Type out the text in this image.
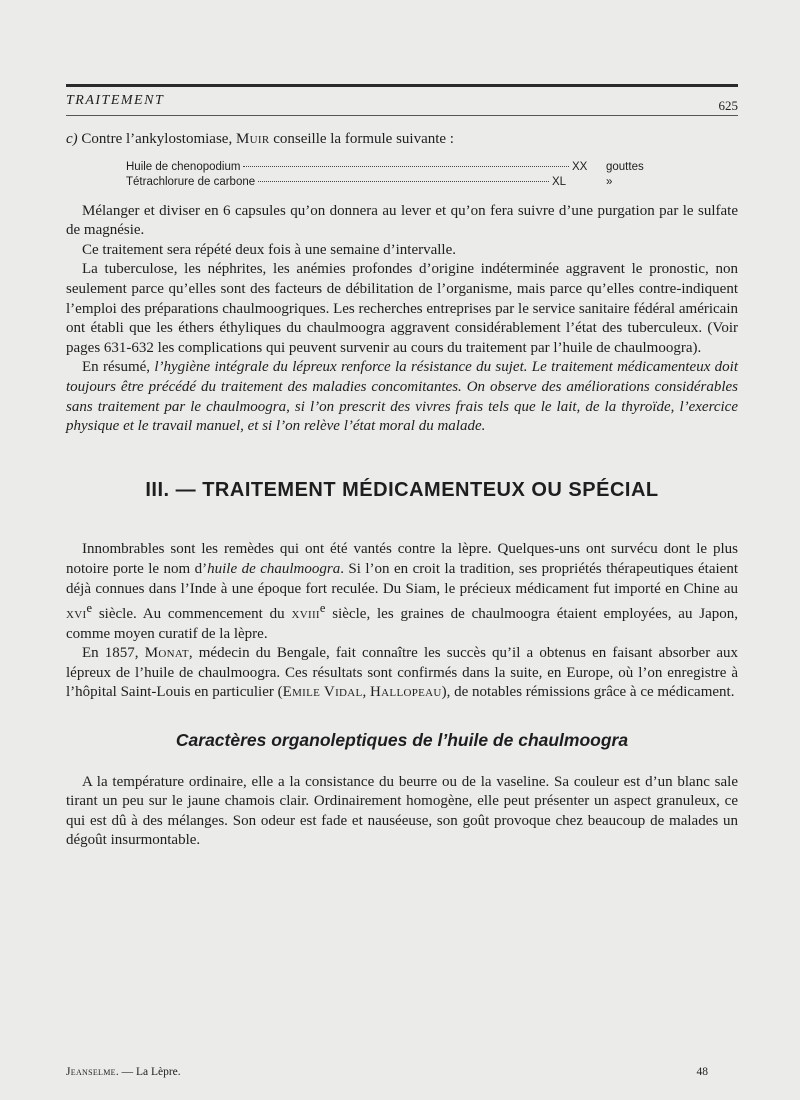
TRAITEMENT	625

c) Contre l’ankylostomiase, Muir conseille la formule suivante :

Huile de chenopodium	XX	gouttes
Tétrachlorure de carbone	XL	»

Mélanger et diviser en 6 capsules qu’on donnera au lever et qu’on fera suivre d’une purgation par le sulfate de magnésie.

Ce traitement sera répété deux fois à une semaine d’intervalle.

La tuberculose, les néphrites, les anémies profondes d’origine indéterminée aggravent le pronostic, non seulement parce qu’elles sont des facteurs de débilitation de l’organisme, mais parce qu’elles contre-indiquent l’emploi des préparations chaulmoogriques. Les recherches entreprises par le service sanitaire fédéral américain ont établi que les éthers éthyliques du chaulmoogra aggravent considérablement l’état des tuberculeux. (Voir pages 631-632 les complications qui peuvent survenir au cours du traitement par l’huile de chaulmoogra).

En résumé, l’hygiène intégrale du lépreux renforce la résistance du sujet. Le traitement médicamenteux doit toujours être précédé du traitement des maladies concomitantes. On observe des améliorations considérables sans traitement par le chaulmoogra, si l’on prescrit des vivres frais tels que le lait, de la thyroïde, l’exercice physique et le travail manuel, et si l’on relève l’état moral du malade.

III. — TRAITEMENT MÉDICAMENTEUX OU SPÉCIAL

Innombrables sont les remèdes qui ont été vantés contre la lèpre. Quelques-uns ont survécu dont le plus notoire porte le nom d’huile de chaulmoogra. Si l’on en croit la tradition, ses propriétés thérapeutiques étaient déjà connues dans l’Inde à une époque fort reculée. Du Siam, le précieux médicament fut importé en Chine au xvi$^e$ siècle. Au commencement du xviii$^e$ siècle, les graines de chaulmoogra étaient employées, au Japon, comme moyen curatif de la lèpre.

En 1857, Monat, médecin du Bengale, fait connaître les succès qu’il a obtenus en faisant absorber aux lépreux de l’huile de chaulmoogra. Ces résultats sont confirmés dans la suite, en Europe, où l’on enregistre à l’hôpital Saint-Louis en particulier (Emile Vidal, Hallopeau), de notables rémissions grâce à ce médicament.

Caractères organoleptiques de l’huile de chaulmoogra

A la température ordinaire, elle a la consistance du beurre ou de la vaseline. Sa couleur est d’un blanc sale tirant un peu sur le jaune chamois clair. Ordinairement homogène, elle peut présenter un aspect granuleux, ce qui est dû à des mélanges. Son odeur est fade et nauséeuse, son goût provoque chez beaucoup de malades un dégoût insurmontable.

Jeanselme. — La Lèpre.	48
